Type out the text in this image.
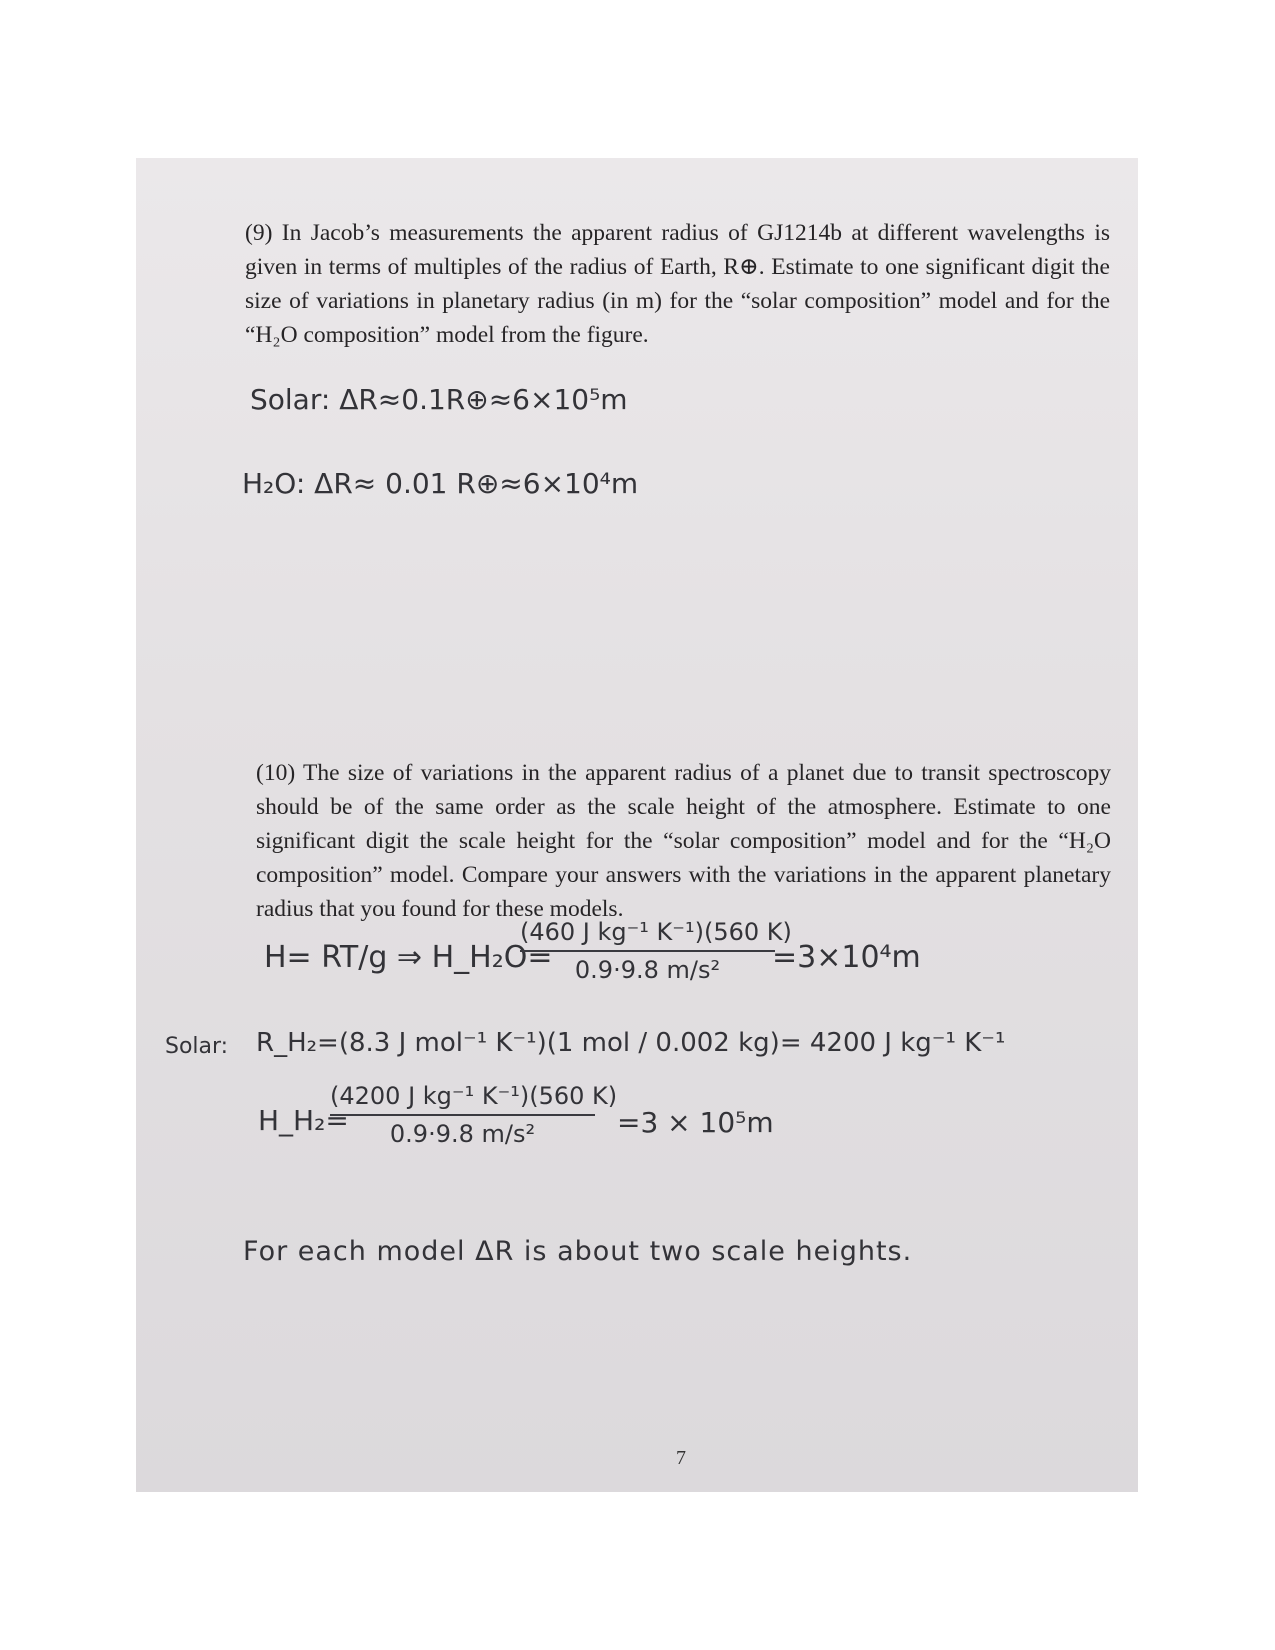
(9) In Jacob’s measurements the apparent radius of GJ1214b at different wavelengths is given in terms of multiples of the radius of Earth, R⊕. Estimate to one significant digit the size of variations in planetary radius (in m) for the “solar composition” model and for the “H₂O composition” model from the figure.
Solar: ΔR≈0.1R⊕≈6×10⁵m
H₂O: ΔR≈ 0.01 R⊕≈6×10⁴m
(10) The size of variations in the apparent radius of a planet due to transit spectroscopy should be of the same order as the scale height of the atmosphere. Estimate to one significant digit the scale height for the “solar composition” model and for the “H₂O composition” model. Compare your answers with the variations in the apparent planetary radius that you found for these models.
H= RT/g ⇒ H_H₂O=
(460 J kg⁻¹ K⁻¹)(560 K)
0.9·9.8 m/s²	=3×10⁴m
Solar: R_H₂=(8.3 J mol⁻¹ K⁻¹)(1 mol / 0.002 kg)= 4200 J kg⁻¹ K⁻¹
H_H₂=
(4200 J kg⁻¹ K⁻¹)(560 K)
0.9·9.8 m/s²	=3 × 10⁵m
For each model ΔR is about two scale heights.
7
